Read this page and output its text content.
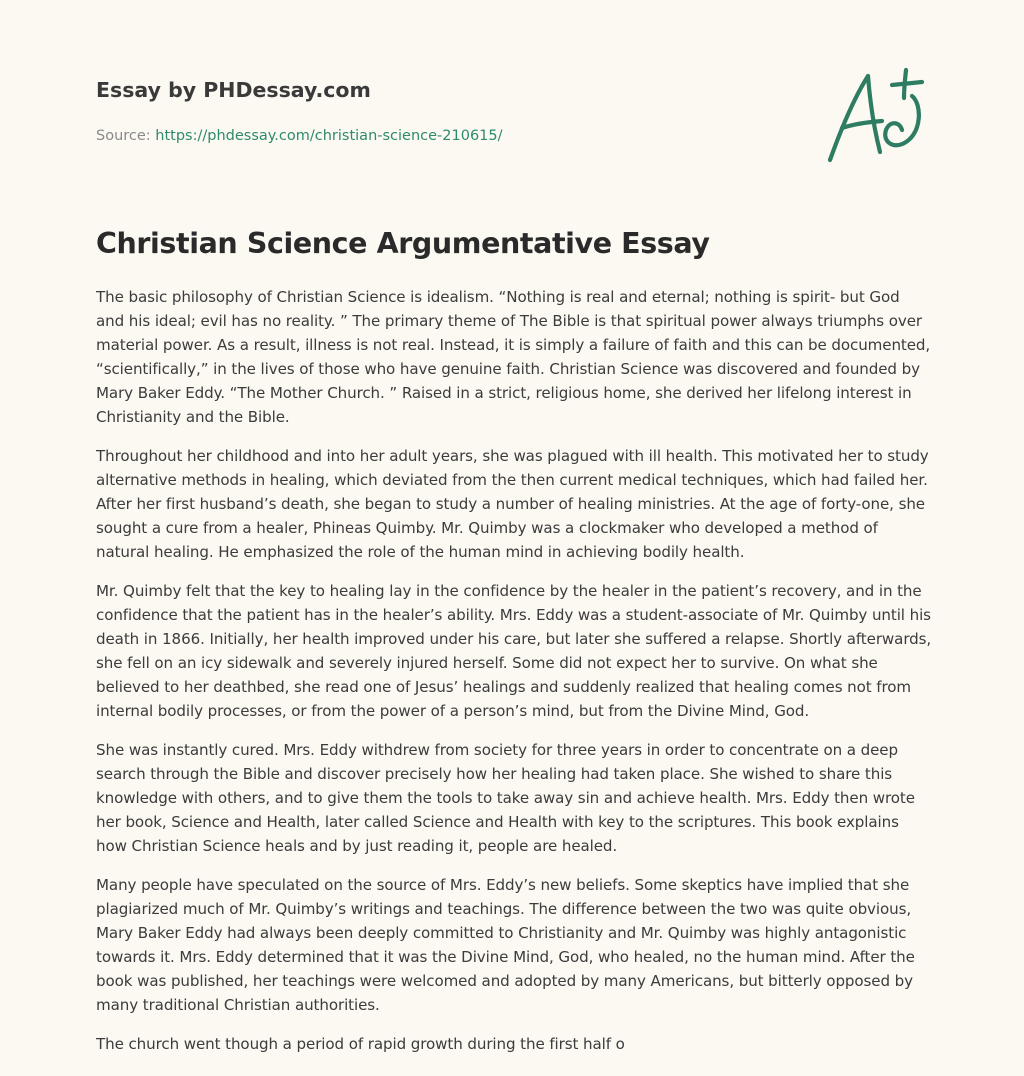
Essay by PHDessay.com
Source: https://phdessay.com/christian-science-210615/
Christian Science Argumentative Essay

The basic philosophy of Christian Science is idealism. “Nothing is real and eternal; nothing is spirit- but God and his ideal; evil has no reality. ” The primary theme of The Bible is that spiritual power always triumphs over material power. As a result, illness is not real. Instead, it is simply a failure of faith and this can be documented, “scientifically,” in the lives of those who have genuine faith. Christian Science was discovered and founded by Mary Baker Eddy. “The Mother Church. ” Raised in a strict, religious home, she derived her lifelong interest in Christianity and the Bible.

Throughout her childhood and into her adult years, she was plagued with ill health. This motivated her to study alternative methods in healing, which deviated from the then current medical techniques, which had failed her. After her first husband’s death, she began to study a number of healing ministries. At the age of forty-one, she sought a cure from a healer, Phineas Quimby. Mr. Quimby was a clockmaker who developed a method of natural healing. He emphasized the role of the human mind in achieving bodily health.

Mr. Quimby felt that the key to healing lay in the confidence by the healer in the patient’s recovery, and in the confidence that the patient has in the healer’s ability. Mrs. Eddy was a student-associate of Mr. Quimby until his death in 1866. Initially, her health improved under his care, but later she suffered a relapse. Shortly afterwards, she fell on an icy sidewalk and severely injured herself. Some did not expect her to survive. On what she believed to her deathbed, she read one of Jesus’ healings and suddenly realized that healing comes not from internal bodily processes, or from the power of a person’s mind, but from the Divine Mind, God.

She was instantly cured. Mrs. Eddy withdrew from society for three years in order to concentrate on a deep search through the Bible and discover precisely how her healing had taken place. She wished to share this knowledge with others, and to give them the tools to take away sin and achieve health. Mrs. Eddy then wrote her book, Science and Health, later called Science and Health with key to the scriptures. This book explains how Christian Science heals and by just reading it, people are healed.

Many people have speculated on the source of Mrs. Eddy’s new beliefs. Some skeptics have implied that she plagiarized much of Mr. Quimby’s writings and teachings. The difference between the two was quite obvious, Mary Baker Eddy had always been deeply committed to Christianity and Mr. Quimby was highly antagonistic towards it. Mrs. Eddy determined that it was the Divine Mind, God, who healed, no the human mind. After the book was published, her teachings were welcomed and adopted by many Americans, but bitterly opposed by many traditional Christian authorities.

The church went though a period of rapid growth during the first half o
